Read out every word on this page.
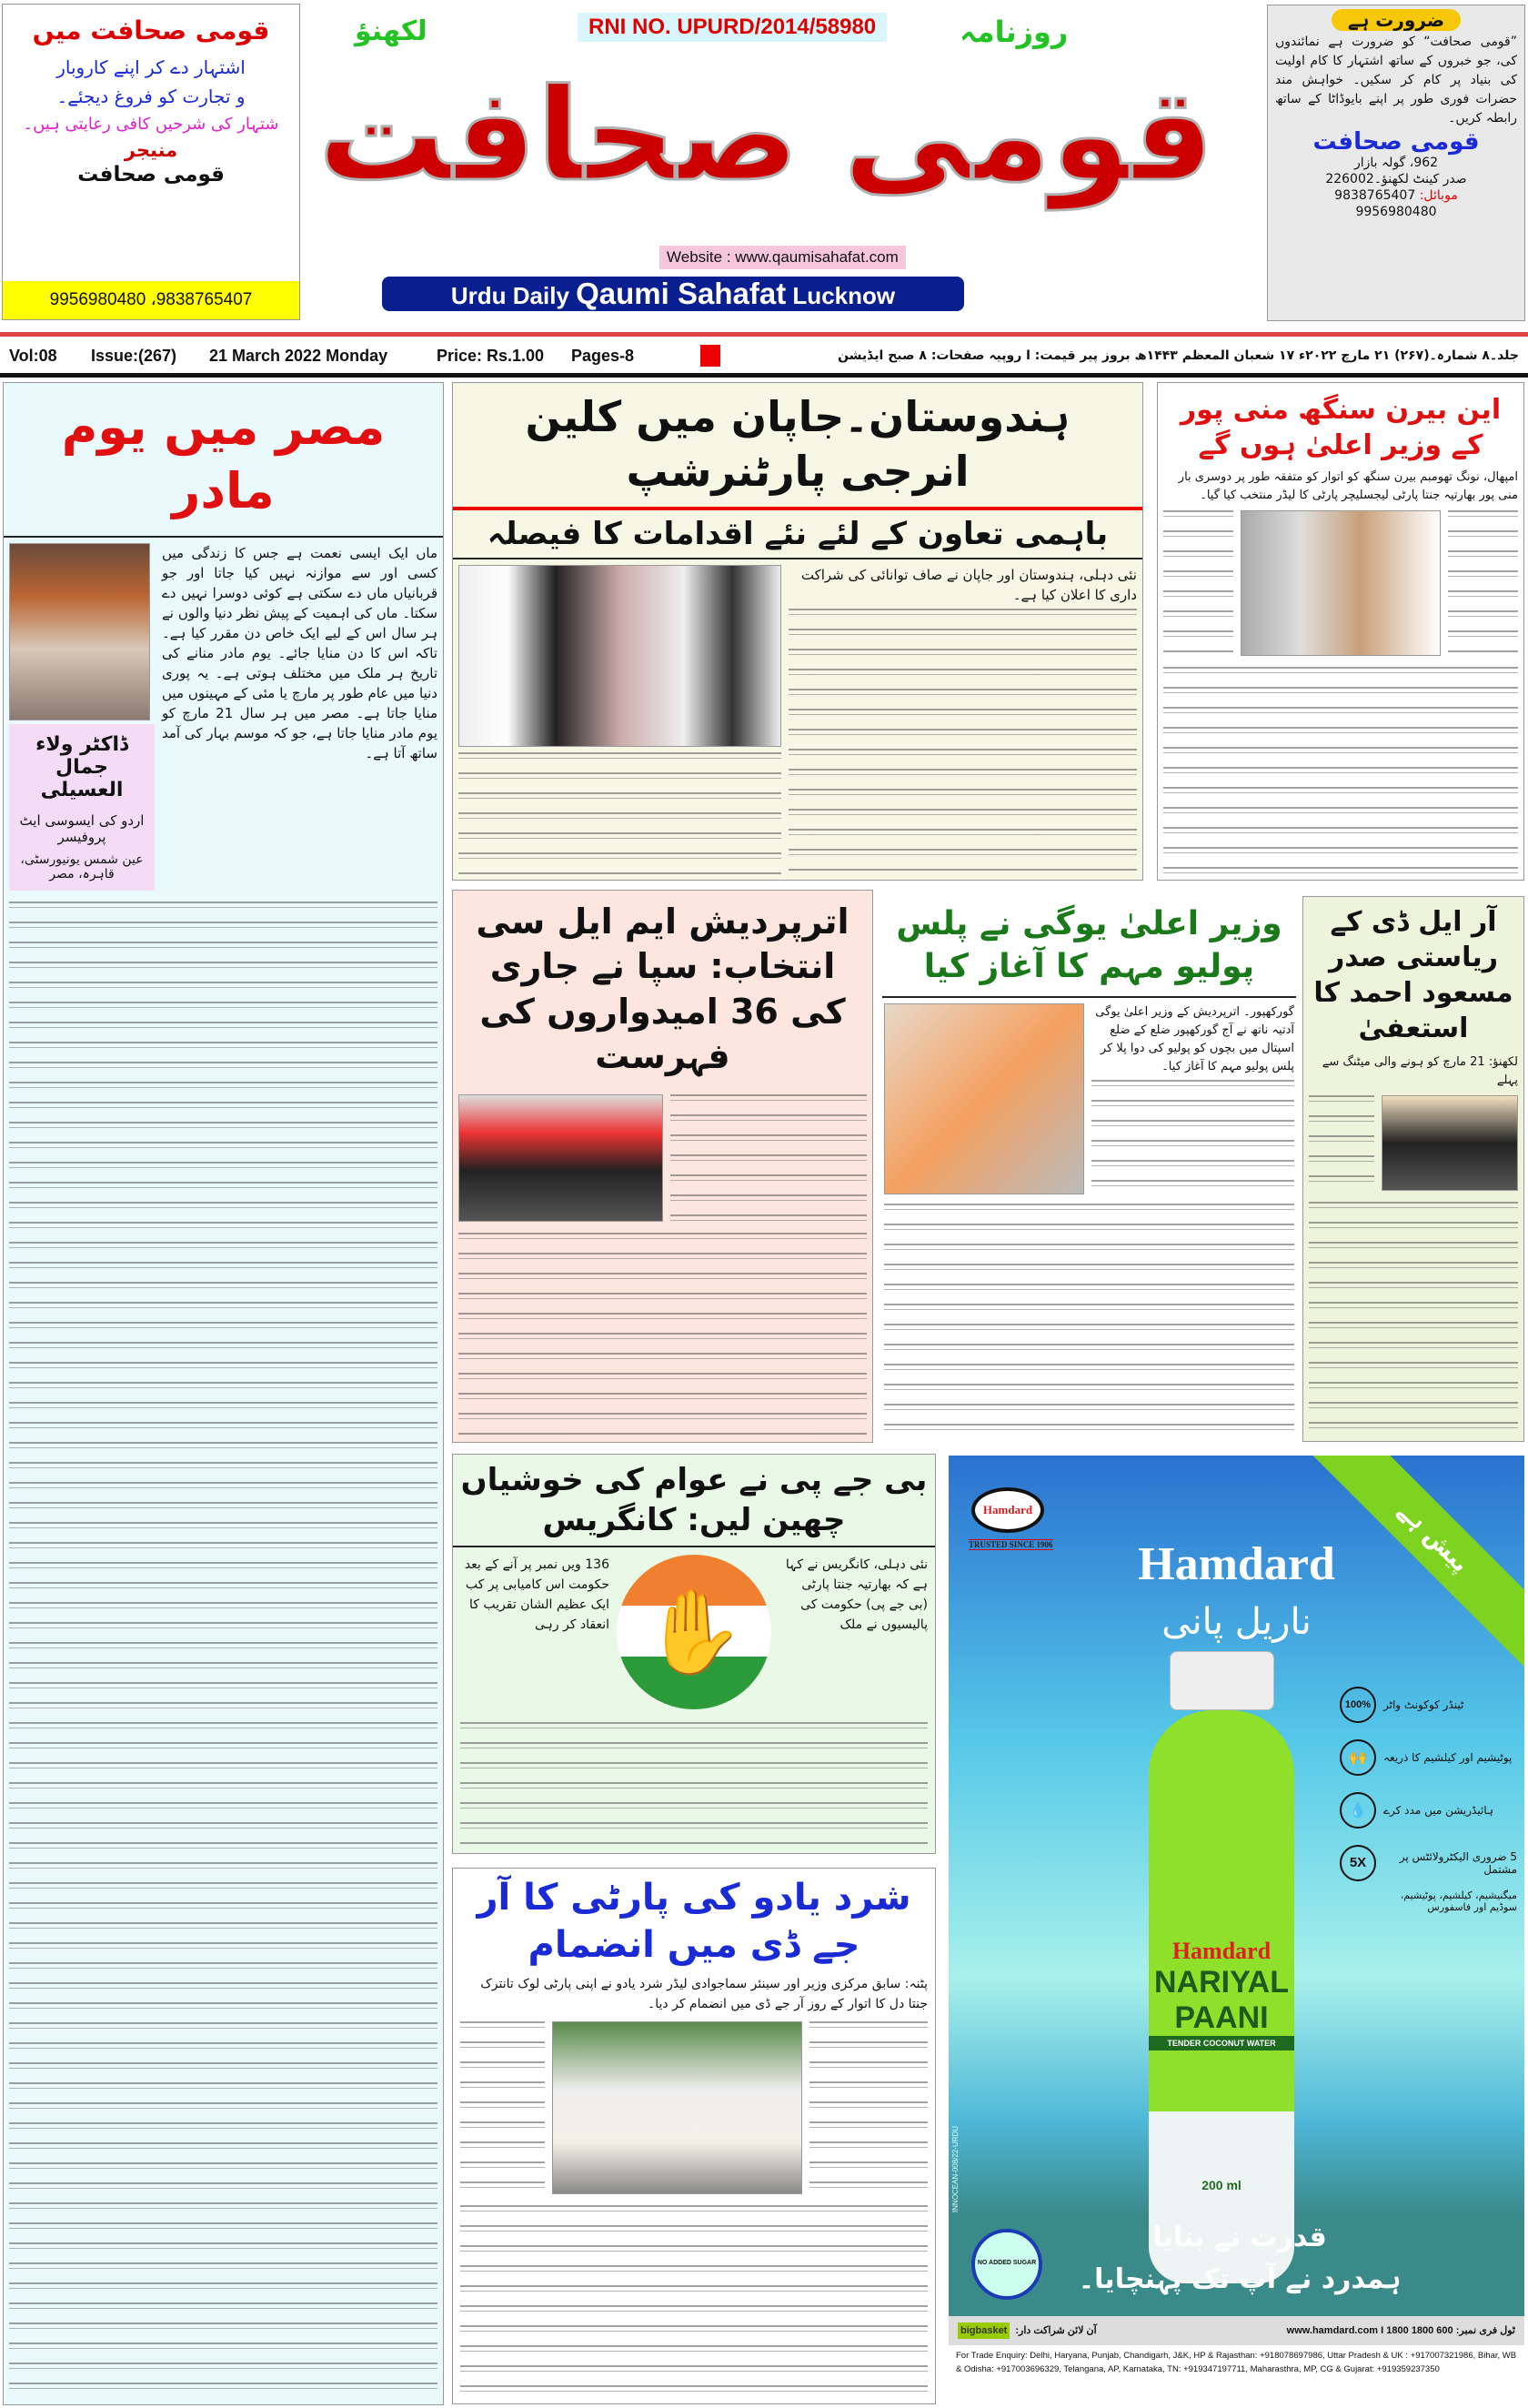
قومی صحافت میں
اشتہار دے کر اپنے کاروبار
و تجارت کو فروغ دیجئے۔
شتہار کی شرحیں کافی رعایتی ہیں۔
منیجر
قومی صحافت
9956980480 ،9838765407
RNI NO. UPURD/2014/58980	روزنامہ
لکھنؤ
قومی صحافت
Website : www.qaumisahafat.com
Urdu Daily Qaumi Sahafat Lucknow
ضرورت ہے
”قومی صحافت“ کو ضرورت ہے نمائندوں کی، جو خبروں کے ساتھ اشتہار کا کام اولیت کی بنیاد پر کام کر سکیں۔ خواہش مند حضرات فوری طور پر اپنے بایوڈاٹا کے ساتھ رابطہ کریں۔
قومی صحافت
962، گولہ بازار
صدر کینٹ لکھنؤ۔226002
موبائل: 9838765407
9956980480
Vol:08 Issue:(267) 21 March 2022 Monday	Price: Rs.1.00 Pages-8	جلد۔۸ شمارہ۔(۲۶۷) ۲۱ مارچ ۲۰۲۲ء ۱۷ شعبان المعظم ۱۴۴۳ھ بروز پیر قیمت: ا روپیہ صفحات: ۸ صبح ایڈیشن
مصر میں یوم مادر
ڈاکٹر ولاء جمال العسیلی
اردو کی ایسوسی ایٹ پروفیسر
عین شمس یونیورسٹی، قاہرہ، مصر

ماں ایک ایسی نعمت ہے جس کا زندگی میں کسی اور سے موازنہ نہیں کیا جاتا اور جو قربانیاں ماں دے سکتی ہے کوئی دوسرا نہیں دے سکتا۔ ماں کی اہمیت کے پیش نظر دنیا والوں نے ہر سال اس کے لیے ایک خاص دن مقرر کیا ہے۔ تاکہ اس کا دن منایا جائے۔ یوم مادر منانے کی تاریخ ہر ملک میں مختلف ہوتی ہے۔ یہ پوری دنیا میں عام طور پر مارچ یا مئی کے مہینوں میں منایا جاتا ہے۔ مصر میں ہر سال 21 مارچ کو یوم مادر منایا جاتا ہے، جو کہ موسم بہار کی آمد ساتھ آتا ہے۔

ہندوستان۔جاپان میں کلین انرجی پارٹنرشپ
باہمی تعاون کے لئے نئے اقدامات کا فیصلہ

نئی دہلی، ہندوستان اور جاپان نے صاف توانائی کی شراکت داری کا اعلان کیا ہے۔

این بیرن سنگھ منی پور کے وزیر اعلیٰ ہوں گے

امپھال، نونگ تھومبم بیرن سنگھ کو اتوار کو متفقہ طور پر دوسری بار منی پور بھارتیہ جنتا پارٹی لیجسلیچر پارٹی کا لیڈر منتخب کیا گیا۔

اترپردیش ایم ایل سی انتخاب: سپا نے جاری کی 36 امیدواروں کی فہرست
وزیر اعلیٰ یوگی نے پلس پولیو مہم کا آغاز کیا

گورکھپور۔ اترپردیش کے وزیر اعلیٰ یوگی آدتیہ ناتھ نے آج گورکھپور ضلع کے ضلع اسپتال میں بچوں کو پولیو کی دوا پلا کر پلس پولیو مہم کا آغاز کیا۔

آر ایل ڈی کے ریاستی صدر مسعود احمد کا استعفیٰ

لکھنؤ: 21 مارچ کو ہونے والی میٹنگ سے پہلے

بی جے پی نے عوام کی خوشیاں چھین لیں: کانگریس

نئی دہلی، کانگریس نے کہا ہے کہ بھارتیہ جنتا پارٹی (بی جے پی) حکومت کی پالیسیوں نے ملک

✋

136 ویں نمبر پر آنے کے بعد حکومت اس کامیابی پر کب ایک عظیم الشان تقریب کا انعقاد کر رہی

شرد یادو کی پارٹی کا آر جے ڈی میں انضمام

پٹنہ: سابق مرکزی وزیر اور سینئر سماجوادی لیڈر شرد یادو نے اپنی پارٹی لوک تانترک جنتا دل کا اتوار کے روز آر جے ڈی میں انضمام کر دیا۔

Hamdard
TRUSTED SINCE 1906	پیش ہے
Hamdard
ناریل پانی
Hamdard
NARIYAL
PAANI
TENDER COCONUT WATER
200 ml
100%	ٹینڈر کوکونٹ واٹر
🙌	پوٹیشیم اور کیلشیم کا ذریعہ
💧	ہائیڈریشن میں مدد کرے
5X	5 ضروری الیکٹرولائٹس پر مشتمل
میگنیشیم، کیلشیم، پوٹیشیم، سوڈیم اور فاسفورس
INNOCEAN-008/22-URDU
قدرت نے بنایا
ہمدرد نے آپ تک پہنچایا۔
NO ADDED SUGAR
bigbasket آن لائن شراکت دار:	ٹول فری نمبر: www.hamdard.com I 1800 1800 600
For Trade Enquiry: Delhi, Haryana, Punjab, Chandigarh, J&K, HP & Rajasthan: +918078697986, Uttar Pradesh & UK : +917007321986, Bihar, WB & Odisha: +917003696329, Telangana, AP, Karnataka, TN: +919347197711, Maharasthra, MP, CG & Gujarat: +919359237350
